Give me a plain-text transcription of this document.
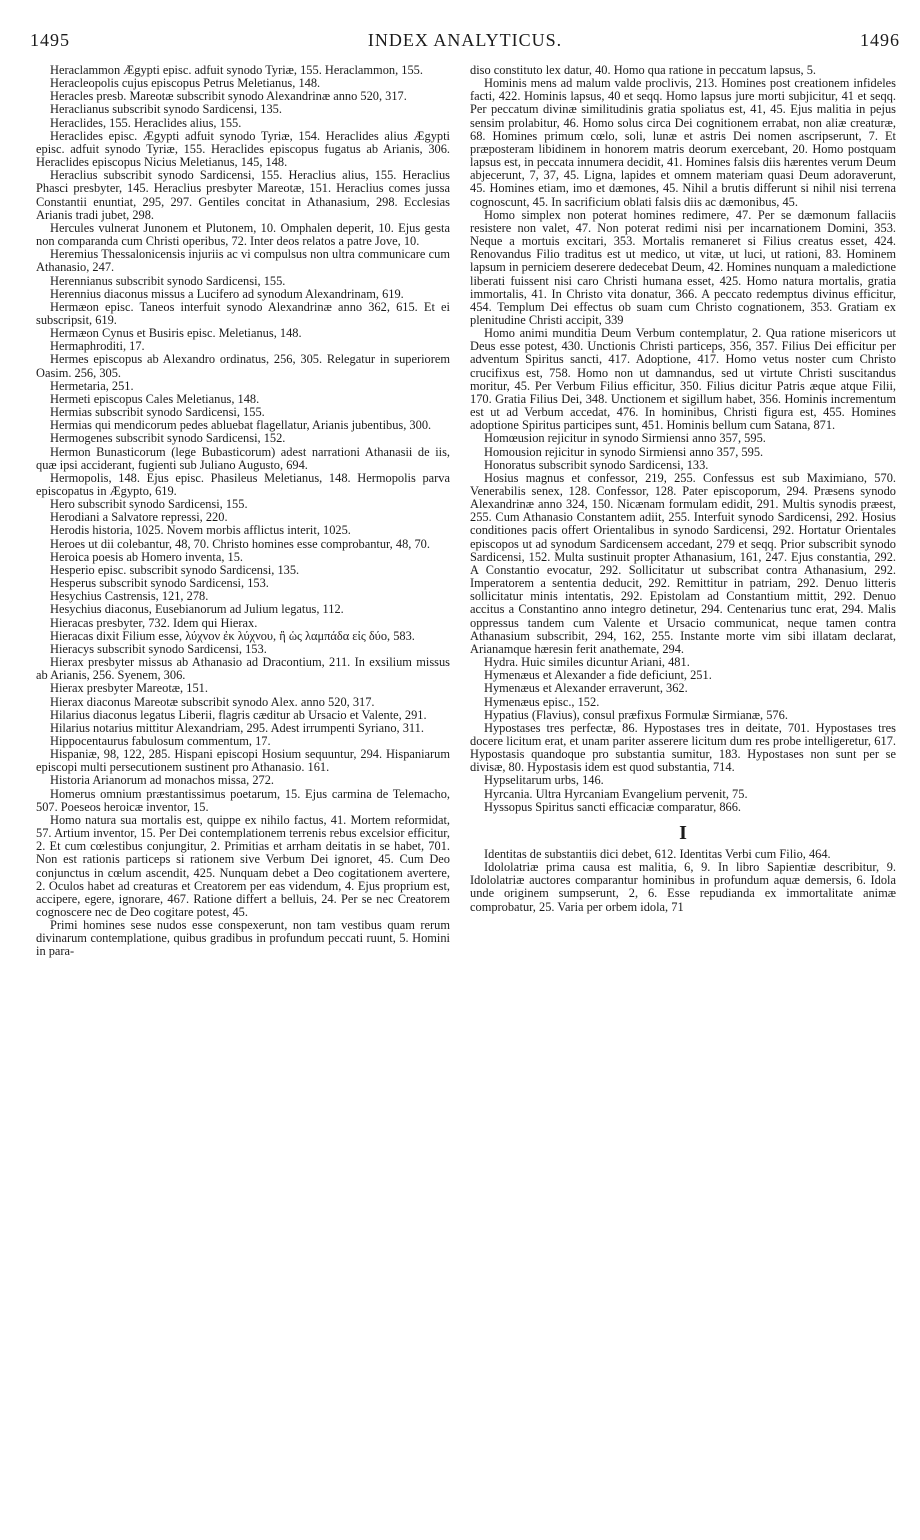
1495	INDEX ANALYTICUS.	1496

Heraclammon Ægypti episc. adfuit synodo Tyriæ, 155. Heraclammon, 155.

Heracleopolis cujus episcopus Petrus Meletianus, 148.

Heracles presb. Mareotæ subscribit synodo Alexandrinæ anno 520, 317.

Heraclianus subscribit synodo Sardicensi, 135.

Heraclides, 155. Heraclides alius, 155.

Heraclides episc. Ægypti adfuit synodo Tyriæ, 154. Heraclides alius Ægypti episc. adfuit synodo Tyriæ, 155. Heraclides episcopus fugatus ab Arianis, 306. Heraclides episcopus Nicius Meletianus, 145, 148.

Heraclius subscribit synodo Sardicensi, 155. Heraclius alius, 155. Heraclius Phasci presbyter, 145. Heraclius presbyter Mareotæ, 151. Heraclius comes jussa Constantii enuntiat, 295, 297. Gentiles concitat in Athanasium, 298. Ecclesias Arianis tradi jubet, 298.

Hercules vulnerat Junonem et Plutonem, 10. Omphalen deperit, 10. Ejus gesta non comparanda cum Christi operibus, 72. Inter deos relatos a patre Jove, 10.

Heremius Thessalonicensis injuriis ac vi compulsus non ultra communicare cum Athanasio, 247.

Herennianus subscribit synodo Sardicensi, 155.

Herennius diaconus missus a Lucifero ad synodum Alexandrinam, 619.

Hermæon episc. Taneos interfuit synodo Alexandrinæ anno 362, 615. Et ei subscripsit, 619.

Hermæon Cynus et Busiris episc. Meletianus, 148.

Hermaphroditi, 17.

Hermes episcopus ab Alexandro ordinatus, 256, 305. Relegatur in superiorem Oasim. 256, 305.

Hermetaria, 251.

Hermeti episcopus Cales Meletianus, 148.

Hermias subscribit synodo Sardicensi, 155.

Hermias qui mendicorum pedes abluebat flagellatur, Arianis jubentibus, 300.

Hermogenes subscribit synodo Sardicensi, 152.

Hermon Bunasticorum (lege Bubasticorum) adest narrationi Athanasii de iis, quæ ipsi acciderant, fugienti sub Juliano Augusto, 694.

Hermopolis, 148. Ejus episc. Phasileus Meletianus, 148. Hermopolis parva episcopatus in Ægypto, 619.

Hero subscribit synodo Sardicensi, 155.

Herodiani a Salvatore repressi, 220.

Herodis historia, 1025. Novem morbis afflictus interit, 1025.

Heroes ut dii colebantur, 48, 70. Christo homines esse comprobantur, 48, 70.

Heroica poesis ab Homero inventa, 15.

Hesperio episc. subscribit synodo Sardicensi, 135.

Hesperus subscribit synodo Sardicensi, 153.

Hesychius Castrensis, 121, 278.

Hesychius diaconus, Eusebianorum ad Julium legatus, 112.

Hieracas presbyter, 732. Idem qui Hierax.

Hieracas dixit Filium esse, λύχνον ἐκ λύχνου, ἢ ὡς λαμπάδα εἰς δύο, 583.

Hieracys subscribit synodo Sardicensi, 153.

Hierax presbyter missus ab Athanasio ad Dracontium, 211. In exsilium missus ab Arianis, 256. Syenem, 306.

Hierax presbyter Mareotæ, 151.

Hierax diaconus Mareotæ subscribit synodo Alex. anno 520, 317.

Hilarius diaconus legatus Liberii, flagris cæditur ab Ursacio et Valente, 291.

Hilarius notarius mittitur Alexandriam, 295. Adest irrumpenti Syriano, 311.

Hippocentaurus fabulosum commentum, 17.

Hispaniæ, 98, 122, 285. Hispani episcopi Hosium sequuntur, 294. Hispaniarum episcopi multi persecutionem sustinent pro Athanasio. 161.

Historia Arianorum ad monachos missa, 272.

Homerus omnium præstantissimus poetarum, 15. Ejus carmina de Telemacho, 507. Poeseos heroicæ inventor, 15.

Homo natura sua mortalis est, quippe ex nihilo factus, 41. Mortem reformidat, 57. Artium inventor, 15. Per Dei contemplationem terrenis rebus excelsior efficitur, 2. Et cum cœlestibus conjungitur, 2. Primitias et arrham deitatis in se habet, 701. Non est rationis particeps si rationem sive Verbum Dei ignoret, 45. Cum Deo conjunctus in cœlum ascendit, 425. Nunquam debet a Deo cogitationem avertere, 2. Oculos habet ad creaturas et Creatorem per eas videndum, 4. Ejus proprium est, accipere, egere, ignorare, 467. Ratione differt a belluis, 24. Per se nec Creatorem cognoscere nec de Deo cogitare potest, 45.

Primi homines sese nudos esse conspexerunt, non tam vestibus quam rerum divinarum contemplatione, quibus gradibus in profundum peccati ruunt, 5. Homini in para-

diso constituto lex datur, 40. Homo qua ratione in peccatum lapsus, 5.

Hominis mens ad malum valde proclivis, 213. Homines post creationem infideles facti, 422. Hominis lapsus, 40 et seqq. Homo lapsus jure morti subjicitur, 41 et seqq. Per peccatum divinæ similitudinis gratia spoliatus est, 41, 45. Ejus malitia in pejus sensim prolabitur, 46. Homo solus circa Dei cognitionem errabat, non aliæ creaturæ, 68. Homines primum cœlo, soli, lunæ et astris Dei nomen ascripserunt, 7. Et præposteram libidinem in honorem matris deorum exercebant, 20. Homo postquam lapsus est, in peccata innumera decidit, 41. Homines falsis diis hærentes verum Deum abjecerunt, 7, 37, 45. Ligna, lapides et omnem materiam quasi Deum adoraverunt, 45. Homines etiam, imo et dæmones, 45. Nihil a brutis differunt si nihil nisi terrena cognoscunt, 45. In sacrificium oblati falsis diis ac dæmonibus, 45.

Homo simplex non poterat homines redimere, 47. Per se dæmonum fallaciis resistere non valet, 47. Non poterat redimi nisi per incarnationem Domini, 353. Neque a mortuis excitari, 353. Mortalis remaneret si Filius creatus esset, 424. Renovandus Filio traditus est ut medico, ut vitæ, ut luci, ut rationi, 83. Hominem lapsum in perniciem deserere dedecebat Deum, 42. Homines nunquam a maledictione liberati fuissent nisi caro Christi humana esset, 425. Homo natura mortalis, gratia immortalis, 41. In Christo vita donatur, 366. A peccato redemptus divinus efficitur, 454. Templum Dei effectus ob suam cum Christo cognationem, 353. Gratiam ex plenitudine Christi accipit, 339

Homo animi munditia Deum Verbum contemplatur, 2. Qua ratione misericors ut Deus esse potest, 430. Unctionis Christi particeps, 356, 357. Filius Dei efficitur per adventum Spiritus sancti, 417. Adoptione, 417. Homo vetus noster cum Christo crucifixus est, 758. Homo non ut damnandus, sed ut virtute Christi suscitandus moritur, 45. Per Verbum Filius efficitur, 350. Filius dicitur Patris æque atque Filii, 170. Gratia Filius Dei, 348. Unctionem et sigillum habet, 356. Hominis incrementum est ut ad Verbum accedat, 476. In hominibus, Christi figura est, 455. Homines adoptione Spiritus participes sunt, 451. Hominis bellum cum Satana, 871.

Homœusion rejicitur in synodo Sirmiensi anno 357, 595.

Homousion rejicitur in synodo Sirmiensi anno 357, 595.

Honoratus subscribit synodo Sardicensi, 133.

Hosius magnus et confessor, 219, 255. Confessus est sub Maximiano, 570. Venerabilis senex, 128. Confessor, 128. Pater episcoporum, 294. Præsens synodo Alexandrinæ anno 324, 150. Nicænam formulam edidit, 291. Multis synodis præest, 255. Cum Athanasio Constantem adiit, 255. Interfuit synodo Sardicensi, 292. Hosius conditiones pacis offert Orientalibus in synodo Sardicensi, 292. Hortatur Orientales episcopos ut ad synodum Sardicensem accedant, 279 et seqq. Prior subscribit synodo Sardicensi, 152. Multa sustinuit propter Athanasium, 161, 247. Ejus constantia, 292. A Constantio evocatur, 292. Sollicitatur ut subscribat contra Athanasium, 292. Imperatorem a sententia deducit, 292. Remittitur in patriam, 292. Denuo litteris sollicitatur minis intentatis, 292. Epistolam ad Constantium mittit, 292. Denuo accitus a Constantino anno integro detinetur, 294. Centenarius tunc erat, 294. Malis oppressus tandem cum Valente et Ursacio communicat, neque tamen contra Athanasium subscribit, 294, 162, 255. Instante morte vim sibi illatam declarat, Arianamque hæresin ferit anathemate, 294.

Hydra. Huic similes dicuntur Ariani, 481.

Hymenæus et Alexander a fide deficiunt, 251.

Hymenæus et Alexander erraverunt, 362.

Hymenæus episc., 152.

Hypatius (Flavius), consul præfixus Formulæ Sirmianæ, 576.

Hypostases tres perfectæ, 86. Hypostases tres in deitate, 701. Hypostases tres docere licitum erat, et unam pariter asserere licitum dum res probe intelligeretur, 617. Hypostasis quandoque pro substantia sumitur, 183. Hypostases non sunt per se divisæ, 80. Hypostasis idem est quod substantia, 714.

Hypselitarum urbs, 146.

Hyrcania. Ultra Hyrcaniam Evangelium pervenit, 75.

Hyssopus Spiritus sancti efficaciæ comparatur, 866.

I

Identitas de substantiis dici debet, 612. Identitas Verbi cum Filio, 464.

Idololatriæ prima causa est malitia, 6, 9. In libro Sapientiæ describitur, 9. Idololatriæ auctores comparantur hominibus in profundum aquæ demersis, 6. Idola unde originem sumpserunt, 2, 6. Esse repudianda ex immortalitate animæ comprobatur, 25. Varia per orbem idola, 71
